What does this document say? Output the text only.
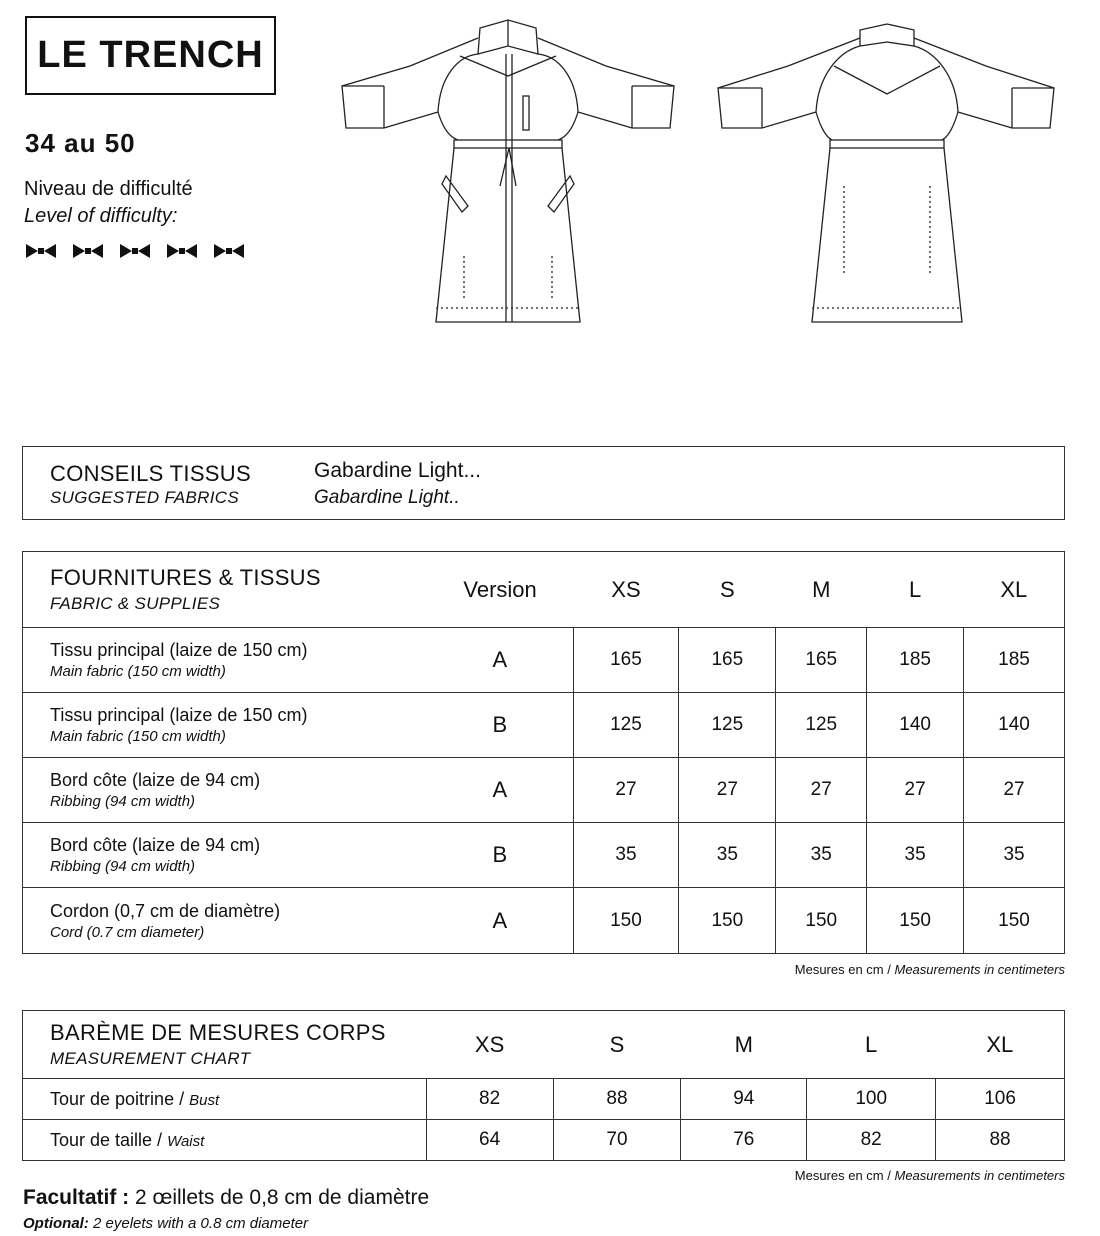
LE TRENCH
34 au 50
Niveau de difficulté
Level of difficulty:
CONSEILS TISSUS
SUGGESTED FABRICS
Gabardine Light...
Gabardine Light..
FOURNITURES & TISSUS
FABRIC & SUPPLIES	Version	XS	S	M	L	XL

Tissu principal (laize de 150 cm)
Main fabric (150 cm width)	A	165	165	165	185	185

Tissu principal (laize de 150 cm)
Main fabric (150 cm width)	B	125	125	125	140	140

Bord côte (laize de 94 cm)
Ribbing (94 cm width)	A	27	27	27	27	27

Bord côte (laize de 94 cm)
Ribbing (94 cm width)	B	35	35	35	35	35

Cordon (0,7 cm de diamètre)
Cord (0.7 cm diameter)	A	150	150	150	150	150
Mesures en cm / Measurements in centimeters
BARÈME DE MESURES CORPS
MEASUREMENT CHART	XS	S	M	L	XL
Tour de poitrine / Bust	82	88	94	100	106
Tour de taille / Waist	64	70	76	82	88
Mesures en cm / Measurements in centimeters
Facultatif : 2 œillets de 0,8 cm de diamètre
Optional: 2 eyelets with a 0.8 cm diameter
